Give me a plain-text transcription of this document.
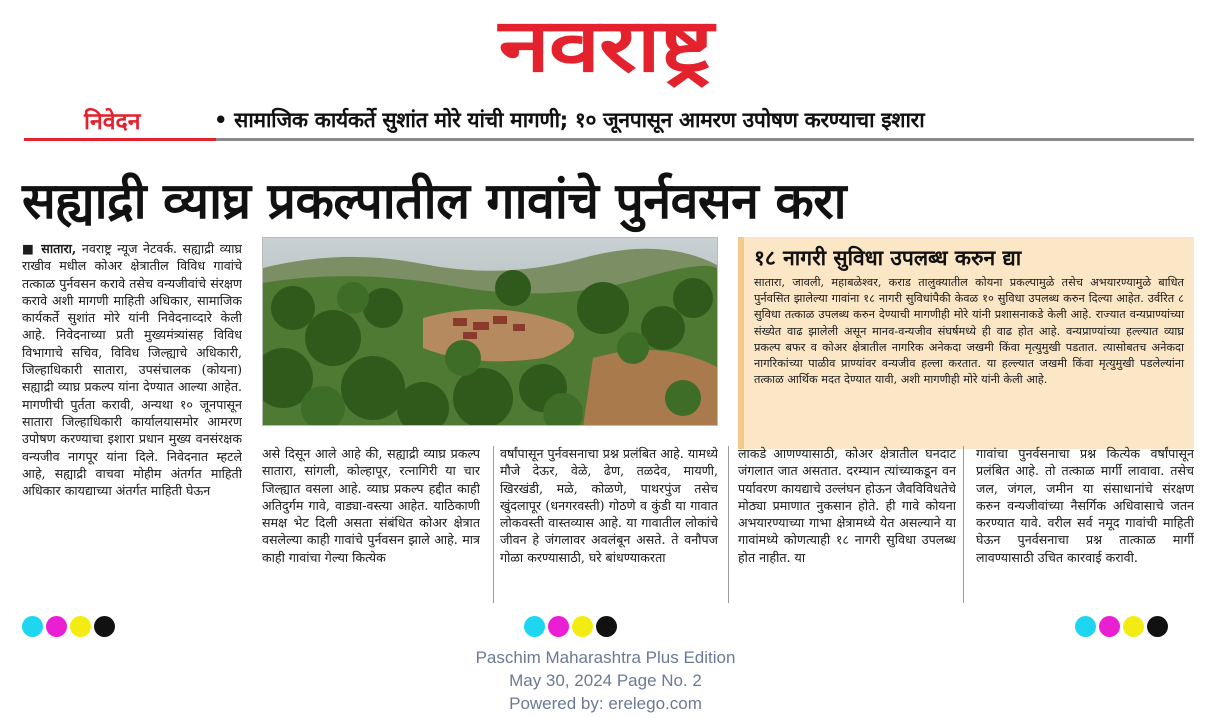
नवराष्ट्र
निवेदन	• सामाजिक कार्यकर्ते सुशांत मोरे यांची मागणी; १० जूनपासून आमरण उपोषण करण्याचा इशारा
सह्याद्री व्याघ्र प्रकल्पातील गावांचे पुर्नवसन करा
■ सातारा, नवराष्ट्र न्यूज नेटवर्क. सह्याद्री व्याघ्र राखीव मधील कोअर क्षेत्रातील विविध गावांचे तत्काळ पुर्नवसन करावे तसेच वन्यजीवांचे संरक्षण करावे अशी मागणी माहिती अधिकार, सामाजिक कार्यकर्ते सुशांत मोरे यांनी निवेदनाव्दारे केली आहे. निवेदनाच्या प्रती मुख्यमंत्र्यांसह विविध विभागाचे सचिव, विविध जिल्ह्याचे अधिकारी, जिल्हाधिकारी सातारा, उपसंचालक (कोयना) सह्याद्री व्याघ्र प्रकल्प यांना देण्यात आल्या आहेत. मागणीची पुर्तता करावी, अन्यथा १० जूनपासून सातारा जिल्हाधिकारी कार्यालयासमोर आमरण उपोषण करण्याचा इशारा प्रधान मुख्य वनसंरक्षक वन्यजीव नागपूर यांना दिले. निवेदनात म्हटले आहे, सह्याद्री वाचवा मोहीम अंतर्गत माहिती अधिकार कायद्याच्या अंतर्गत माहिती घेऊन
१८ नागरी सुविधा उपलब्ध करुन द्या
सातारा, जावली, महाबळेश्वर, कराड तालुक्यातील कोयना प्रकल्पामुळे तसेच अभयारण्यामुळे बाधित पुर्नवसित झालेल्या गावांना १८ नागरी सुविधांपैकी केवळ १० सुविधा उपलब्ध करुन दिल्या आहेत. उर्वरित ८ सुविधा तत्काळ उपलब्ध करुन देण्याची मागणीही मोरे यांनी प्रशासनाकडे केली आहे. राज्यात वन्यप्राण्यांच्या संख्येत वाढ झालेली असून मानव-वन्यजीव संघर्षमध्ये ही वाढ होत आहे. वन्यप्राण्यांच्या हल्ल्यात व्याघ्र प्रकल्प बफर व कोअर क्षेत्रातील नागरिक अनेकदा जखमी किंवा मृत्युमुखी पडतात. त्यासोबतच अनेकदा नागरिकांच्या पाळीव प्राण्यांवर वन्यजीव हल्ला करतात. या हल्ल्यात जखमी किंवा मृत्युमुखी पडलेल्यांना तत्काळ आर्थिक मदत देण्यात यावी, अशी मागणीही मोरे यांनी केली आहे.
असे दिसून आले आहे की, सह्याद्री व्याघ्र प्रकल्प सातारा, सांगली, कोल्हापूर, रत्नागिरी या चार जिल्ह्यात वसला आहे. व्याघ्र प्रकल्प हद्दीत काही अतिदुर्गम गावे, वाड्या-वस्त्या आहेत. याठिकाणी समक्ष भेट दिली असता संबंधित कोअर क्षेत्रात वसलेल्या काही गावांचे पुर्नवसन झाले आहे. मात्र काही गावांचा गेल्या कित्येक
वर्षांपासून पुर्नवसनाचा प्रश्न प्रलंबित आहे. यामध्ये मौजे देऊर, वेळे, ढेण, तळदेव, मायणी, खिरखंडी, मळे, कोळणे, पाथरपुंज तसेच खुंदलापूर (धनगरवस्ती) गोठणे व कुंडी या गावात लोकवस्ती वास्तव्यास आहे. या गावातील लोकांचे जीवन हे जंगलावर अवलंबून असते. ते वनौपज गोळा करण्यासाठी, घरे बांधण्याकरता
लाकडे आणण्यासाठी, कोअर क्षेत्रातील घनदाट जंगलात जात असतात. दरम्यान त्यांच्याकडून वन पर्यावरण कायद्याचे उल्लंघन होऊन जैवविविधतेचे मोठ्या प्रमाणात नुकसान होते. ही गावे कोयना अभयारण्याच्या गाभा क्षेत्रामध्ये येत असल्याने या गावांमध्ये कोणत्याही १८ नागरी सुविधा उपलब्ध होत नाहीत. या
गावांचा पुनर्वसनाचा प्रश्न कित्येक वर्षांपासून प्रलंबित आहे. तो तत्काळ मार्गी लावावा. तसेच जल, जंगल, जमीन या संसाधानांचे संरक्षण करुन वन्यजीवांच्या नैसर्गिक अधिवासाचे जतन करण्यात यावे. वरील सर्व नमूद गावांची माहिती घेऊन पुनर्वसनाचा प्रश्न तात्काळ मार्गी लावण्यासाठी उचित कारवाई करावी.
Paschim Maharashtra Plus Edition
May 30, 2024 Page No. 2
Powered by: erelego.com
